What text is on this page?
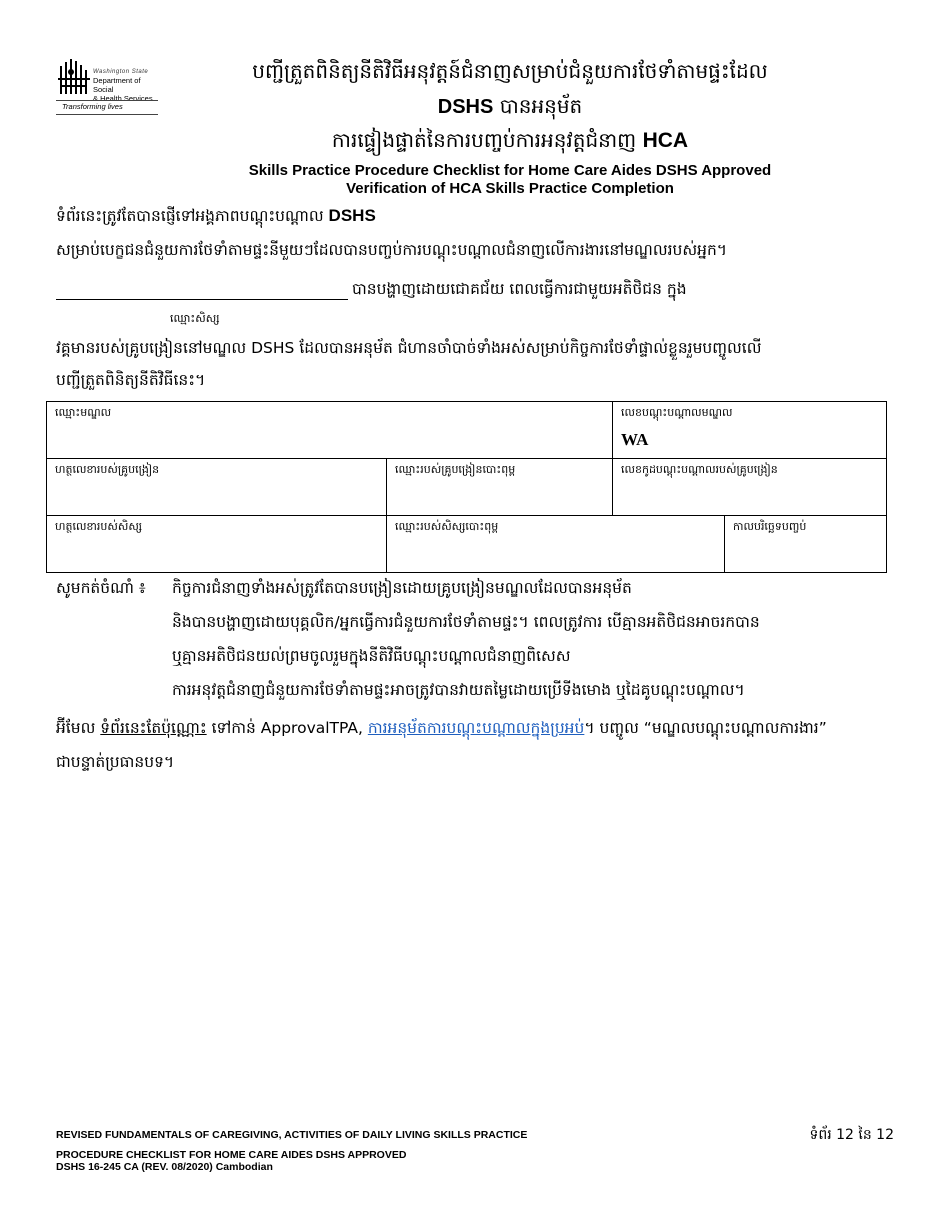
Washington State
Department of Social
& Health Services
Transforming lives
បញ្ជីត្រួតពិនិត្យនីតិវិធីអនុវត្តន៍ជំនាញសម្រាប់ជំនួយការថែទាំតាមផ្ទះដែល
DSHS បានអនុម័ត
ការផ្ទៀងផ្ទាត់នៃការបញ្ចប់ការអនុវត្តជំនាញ HCA
Skills Practice Procedure Checklist for Home Care Aides DSHS Approved
Verification of HCA Skills Practice Completion
ទំព័រនេះត្រូវតែបានផ្ញើទៅអង្គភាពបណ្តុះបណ្តាល DSHS
សម្រាប់បេក្ខជនជំនួយការថែទាំតាមផ្ទះនីមួយៗដែលបានបញ្ចប់ការបណ្តុះបណ្តាលជំនាញលើការងារនៅមណ្ឌលរបស់អ្នក។
បានបង្ហាញដោយជោគជ័យ ពេលធ្វើការជាមួយអតិថិជន ក្នុង
ឈ្មោះសិស្ស
វគ្គមានរបស់គ្រូបង្រៀននៅមណ្ឌល DSHS ដែលបានអនុម័ត ជំហានចាំបាច់ទាំងអស់សម្រាប់កិច្ចការថែទាំផ្ទាល់ខ្លួនរួមបញ្ចូលលើ
បញ្ជីត្រួតពិនិត្យនីតិវិធីនេះ។
ឈ្មោះមណ្ឌល		លេខបណ្តុះបណ្តាលមណ្ឌល
WA	

ហត្ថលេខារបស់គ្រូបង្រៀន	ឈ្មោះរបស់គ្រូបង្រៀនបោះពុម្ព	លេខកូដបណ្តុះបណ្តាលរបស់គ្រូបង្រៀន	
ហត្ថលេខារបស់សិស្ស	ឈ្មោះរបស់សិស្សបោះពុម្ព		កាលបរិច្ឆេទបញ្ចប់
សូមកត់ចំណាំ ៖ កិច្ចការជំនាញទាំងអស់ត្រូវតែបានបង្រៀនដោយគ្រូបង្រៀនមណ្ឌលដែលបានអនុម័ត
និងបានបង្ហាញដោយបុគ្គលិក/អ្នកធ្វើការជំនួយការថែទាំតាមផ្ទះ។ ពេលត្រូវការ បើគ្មានអតិថិជនអាចរកបាន
ឬគ្មានអតិថិជនយល់ព្រមចូលរួមក្នុងនីតិវិធីបណ្តុះបណ្តាលជំនាញពិសេស
ការអនុវត្តជំនាញជំនួយការថែទាំតាមផ្ទះអាចត្រូវបានវាយតម្លៃដោយប្រើទីងមោង ឬដៃគូបណ្តុះបណ្តាល។
អ៊ីមែល ទំព័រនេះតែប៉ុណ្ណោះ ទៅកាន់ ApprovalTPA, ការអនុម័តការបណ្តុះបណ្តាលក្នុងប្រអប់។ បញ្ចូល “មណ្ឌលបណ្តុះបណ្តាលការងារ”
ជាបន្ទាត់ប្រធានបទ។
REVISED FUNDAMENTALS OF CAREGIVING, ACTIVITIES OF DAILY LIVING SKILLS PRACTICE
PROCEDURE CHECKLIST FOR HOME CARE AIDES DSHS APPROVED
DSHS 16-245 CA (REV. 08/2020) Cambodian
ទំព័រ 12 នៃ 12
